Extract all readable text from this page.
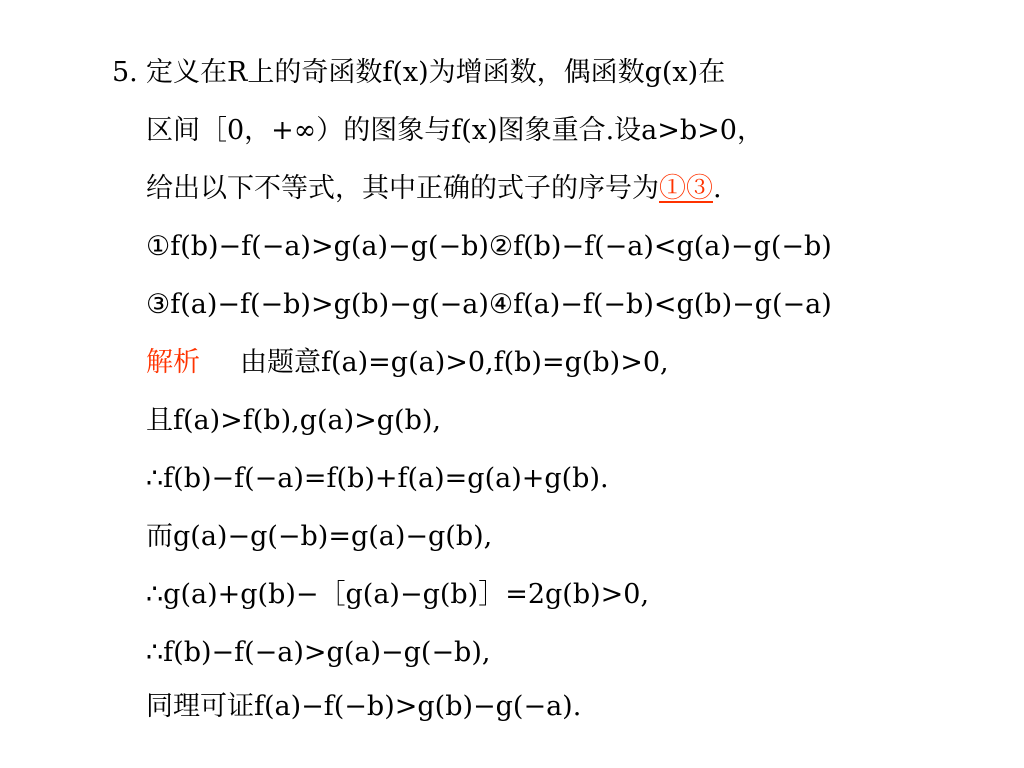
5. 定义在R上的奇函数f(x)为增函数，偶函数g(x)在
区间［0，+∞）的图象与f(x)图象重合.设a>b>0，
给出以下不等式，其中正确的式子的序号为①③.
①f(b)−f(−a)>g(a)−g(−b)②f(b)−f(−a)<g(a)−g(−b)
③f(a)−f(−b)>g(b)−g(−a)④f(a)−f(−b)<g(b)−g(−a)
解析 由题意f(a)=g(a)>0,f(b)=g(b)>0,
且f(a)>f(b),g(a)>g(b),
∴f(b)−f(−a)=f(b)+f(a)=g(a)+g(b).
而g(a)−g(−b)=g(a)−g(b),
∴g(a)+g(b)−［g(a)−g(b)］=2g(b)>0,
∴f(b)−f(−a)>g(a)−g(−b),
同理可证f(a)−f(−b)>g(b)−g(−a).
